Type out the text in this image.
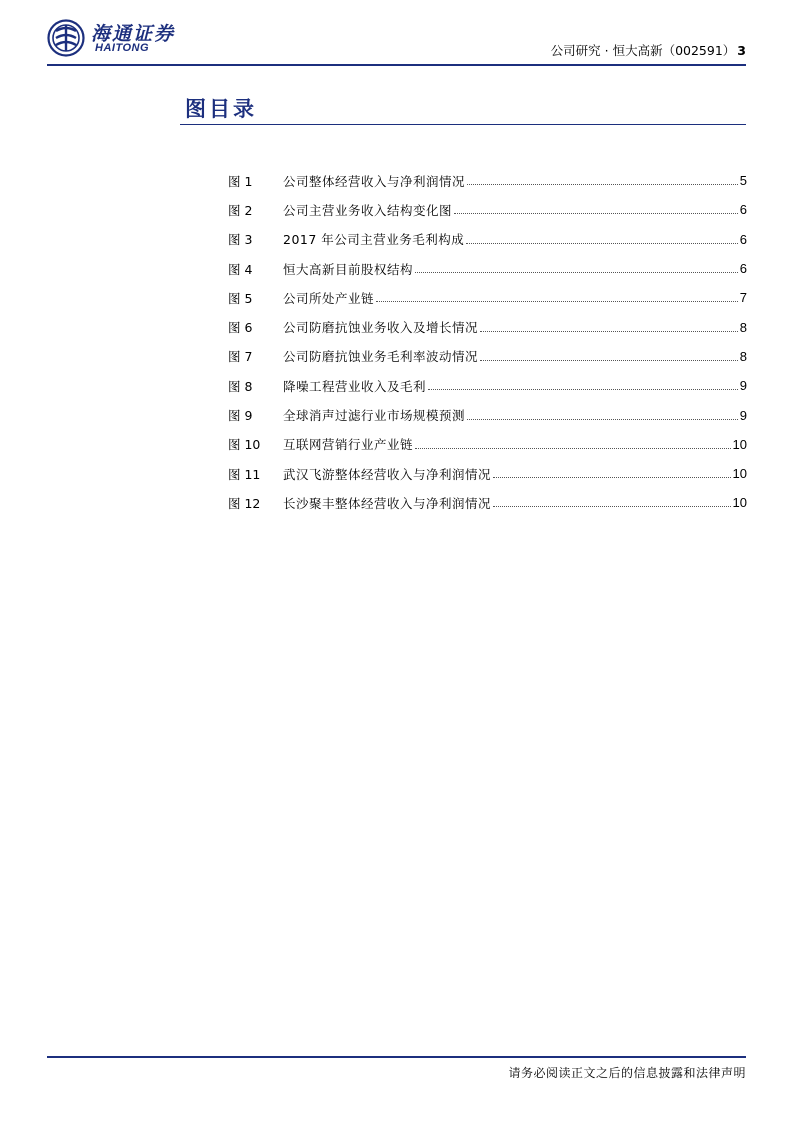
海通证券
HAITONG	公司研究 · 恒大高新（002591） 3
图目录
图 1	公司整体经营收入与净利润情况	5
图 2	公司主营业务收入结构变化图	6
图 3	2017 年公司主营业务毛利构成	6
图 4	恒大高新目前股权结构	6
图 5	公司所处产业链	7
图 6	公司防磨抗蚀业务收入及增长情况	8
图 7	公司防磨抗蚀业务毛利率波动情况	8
图 8	降噪工程营业收入及毛利	9
图 9	全球消声过滤行业市场规模预测	9
图 10	互联网营销行业产业链	10
图 11	武汉飞游整体经营收入与净利润情况	10
图 12	长沙聚丰整体经营收入与净利润情况	10
请务必阅读正文之后的信息披露和法律声明
